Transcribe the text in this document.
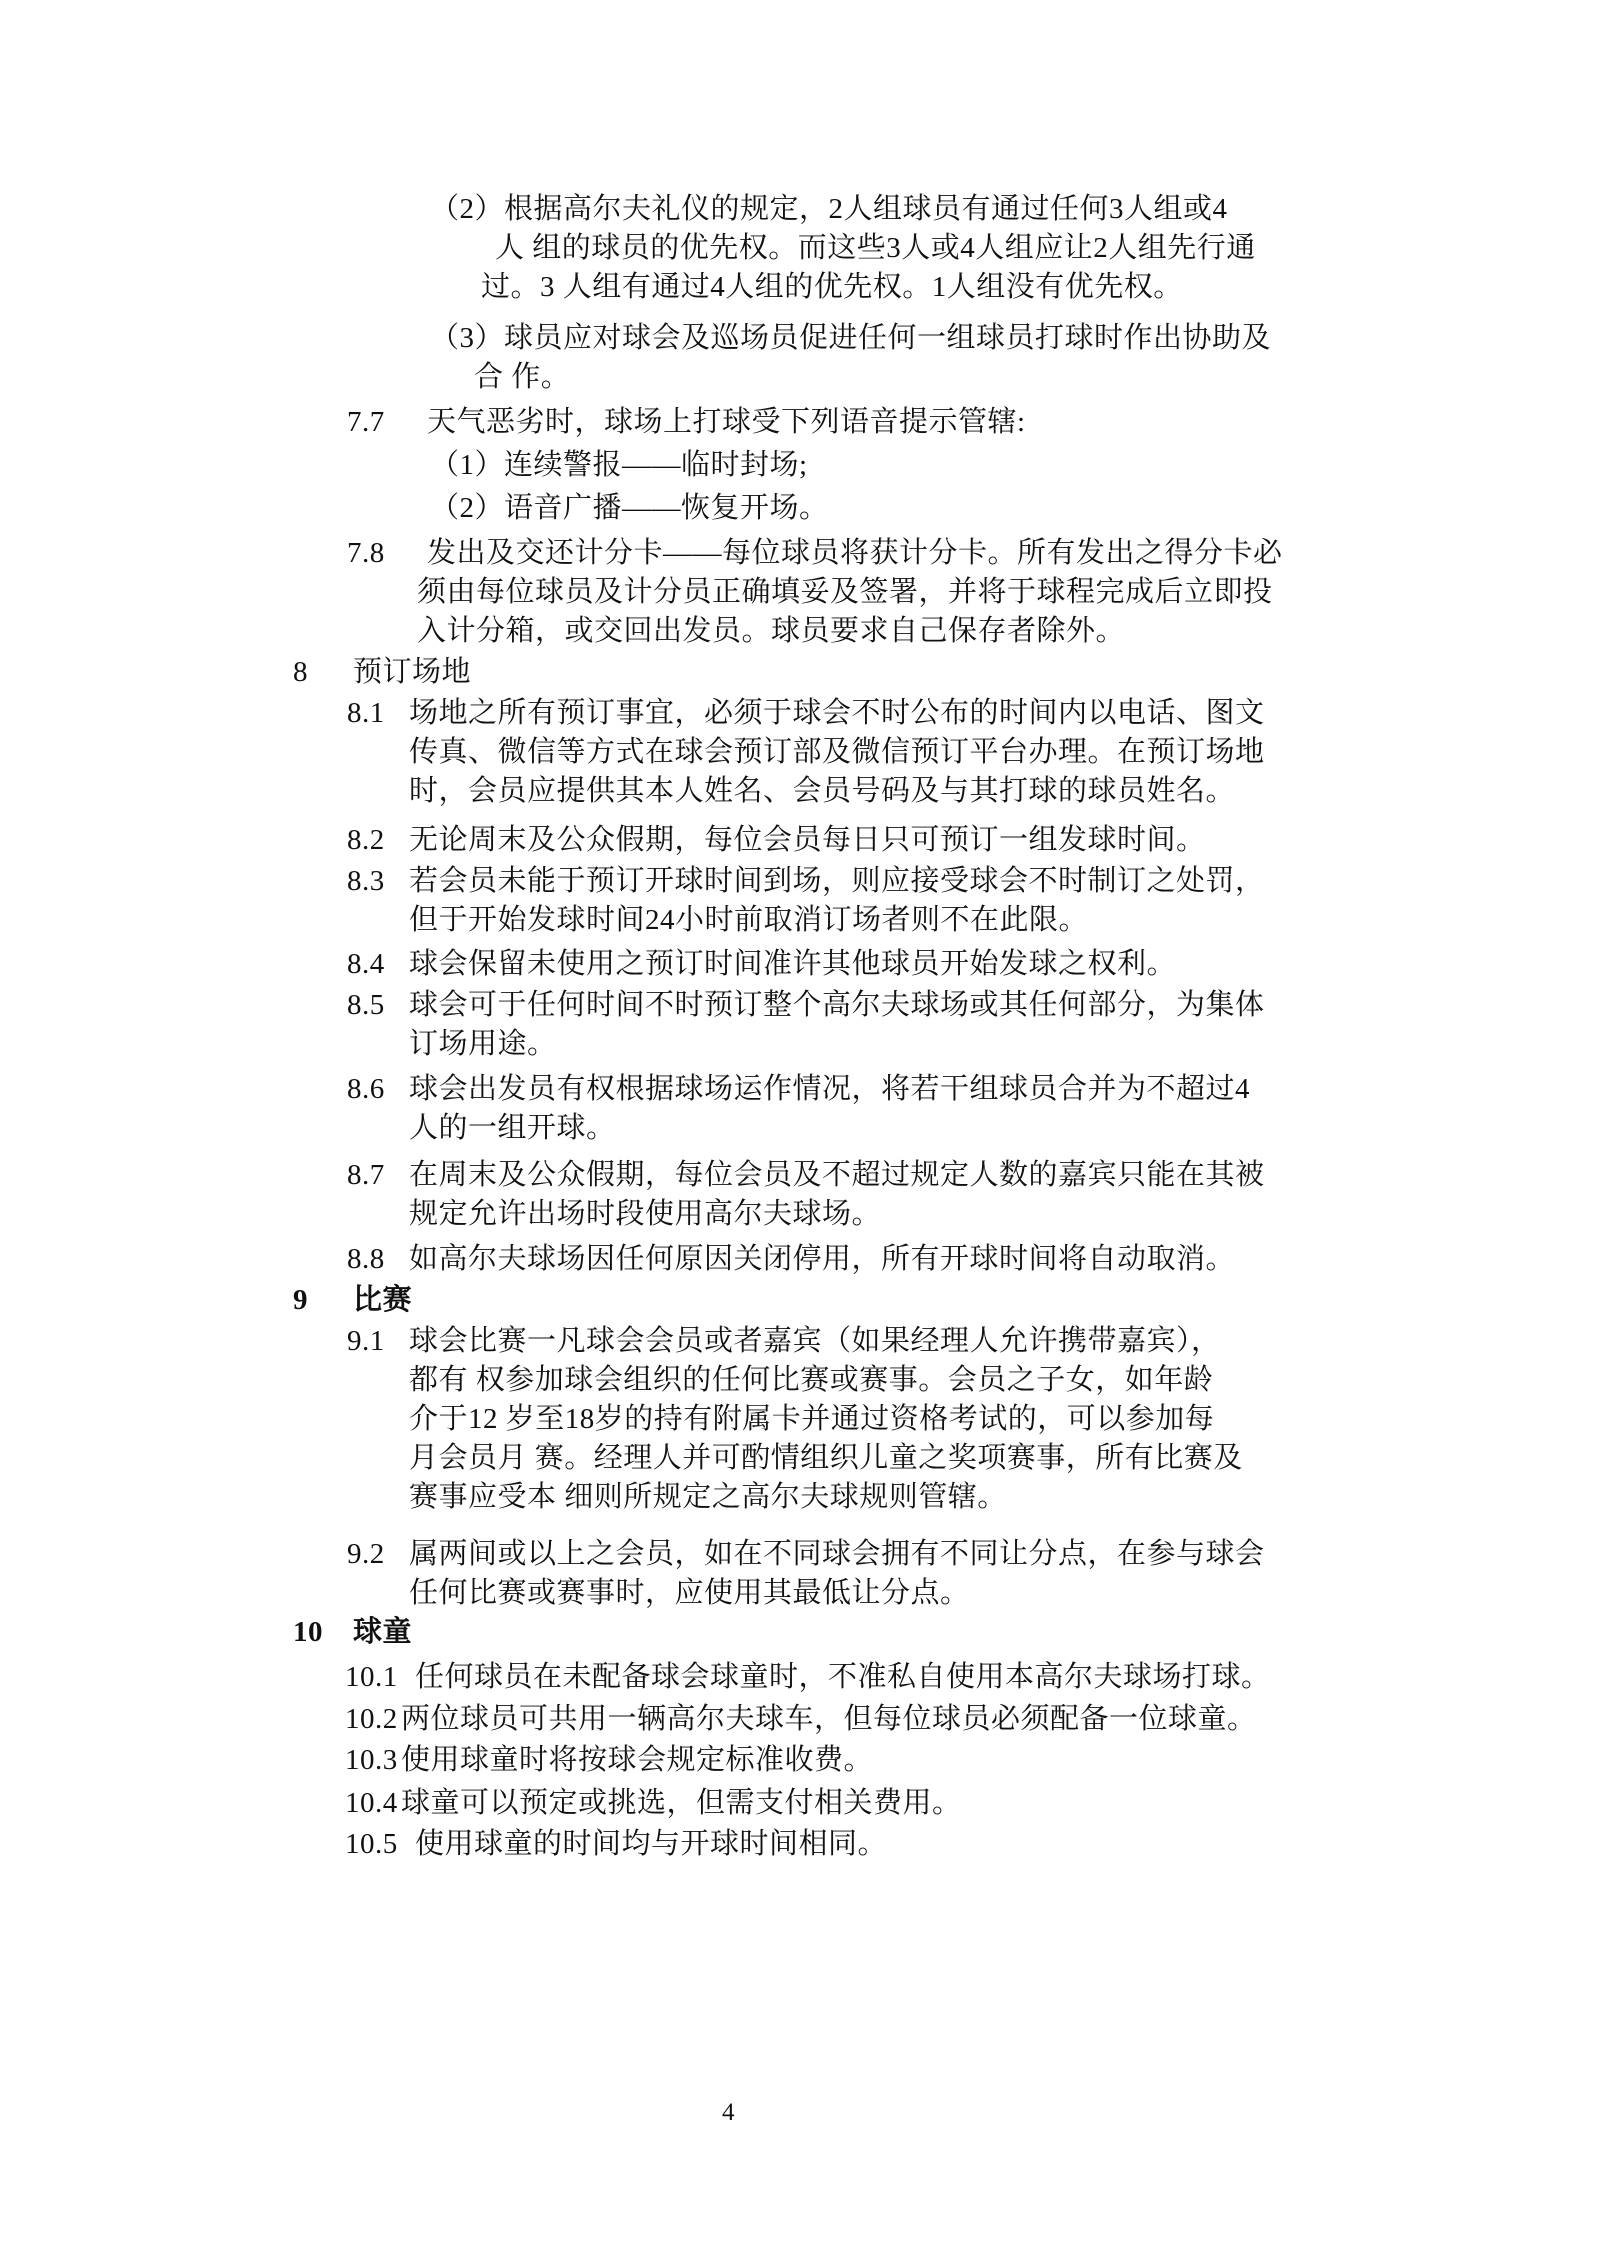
（2）根据高尔夫礼仪的规定，2人组球员有通过任何3人组或4
人 组的球员的优先权。而这些3人或4人组应让2人组先行通
过。3 人组有通过4人组的优先权。1人组没有优先权。
（3）球员应对球会及巡场员促进任何一组球员打球时作出协助及
合 作。
7.7 天气恶劣时，球场上打球受下列语音提示管辖:
（1）连续警报——临时封场;
（2）语音广播——恢复开场。
7.8 发出及交还计分卡——每位球员将获计分卡。所有发出之得分卡必
须由每位球员及计分员正确填妥及签署，并将于球程完成后立即投
入计分箱，或交回出发员。球员要求自己保存者除外。
8 预订场地
8.1 场地之所有预订事宜，必须于球会不时公布的时间内以电话、图文
传真、微信等方式在球会预订部及微信预订平台办理。在预订场地
时，会员应提供其本人姓名、会员号码及与其打球的球员姓名。
8.2 无论周末及公众假期，每位会员每日只可预订一组发球时间。
8.3 若会员未能于预订开球时间到场，则应接受球会不时制订之处罚，
但于开始发球时间24小时前取消订场者则不在此限。
8.4 球会保留未使用之预订时间准许其他球员开始发球之权利。
8.5 球会可于任何时间不时预订整个高尔夫球场或其任何部分，为集体
订场用途。
8.6 球会出发员有权根据球场运作情况，将若干组球员合并为不超过4
人的一组开球。
8.7 在周末及公众假期，每位会员及不超过规定人数的嘉宾只能在其被
规定允许出场时段使用高尔夫球场。
8.8 如高尔夫球场因任何原因关闭停用，所有开球时间将自动取消。
9 比赛
9.1 球会比赛一凡球会会员或者嘉宾（如果经理人允许携带嘉宾），
都有 权参加球会组织的任何比赛或赛事。会员之子女，如年龄
介于12 岁至18岁的持有附属卡并通过资格考试的，可以参加每
月会员月 赛。经理人并可酌情组织儿童之奖项赛事，所有比赛及
赛事应受本 细则所规定之高尔夫球规则管辖。
9.2 属两间或以上之会员，如在不同球会拥有不同让分点，在参与球会
任何比赛或赛事时，应使用其最低让分点。
10 球童
10.1 任何球员在未配备球会球童时，不准私自使用本高尔夫球场打球。
10.2 两位球员可共用一辆高尔夫球车，但每位球员必须配备一位球童。
10.3 使用球童时将按球会规定标准收费。
10.4 球童可以预定或挑选，但需支付相关费用。
10.5 使用球童的时间均与开球时间相同。
4
